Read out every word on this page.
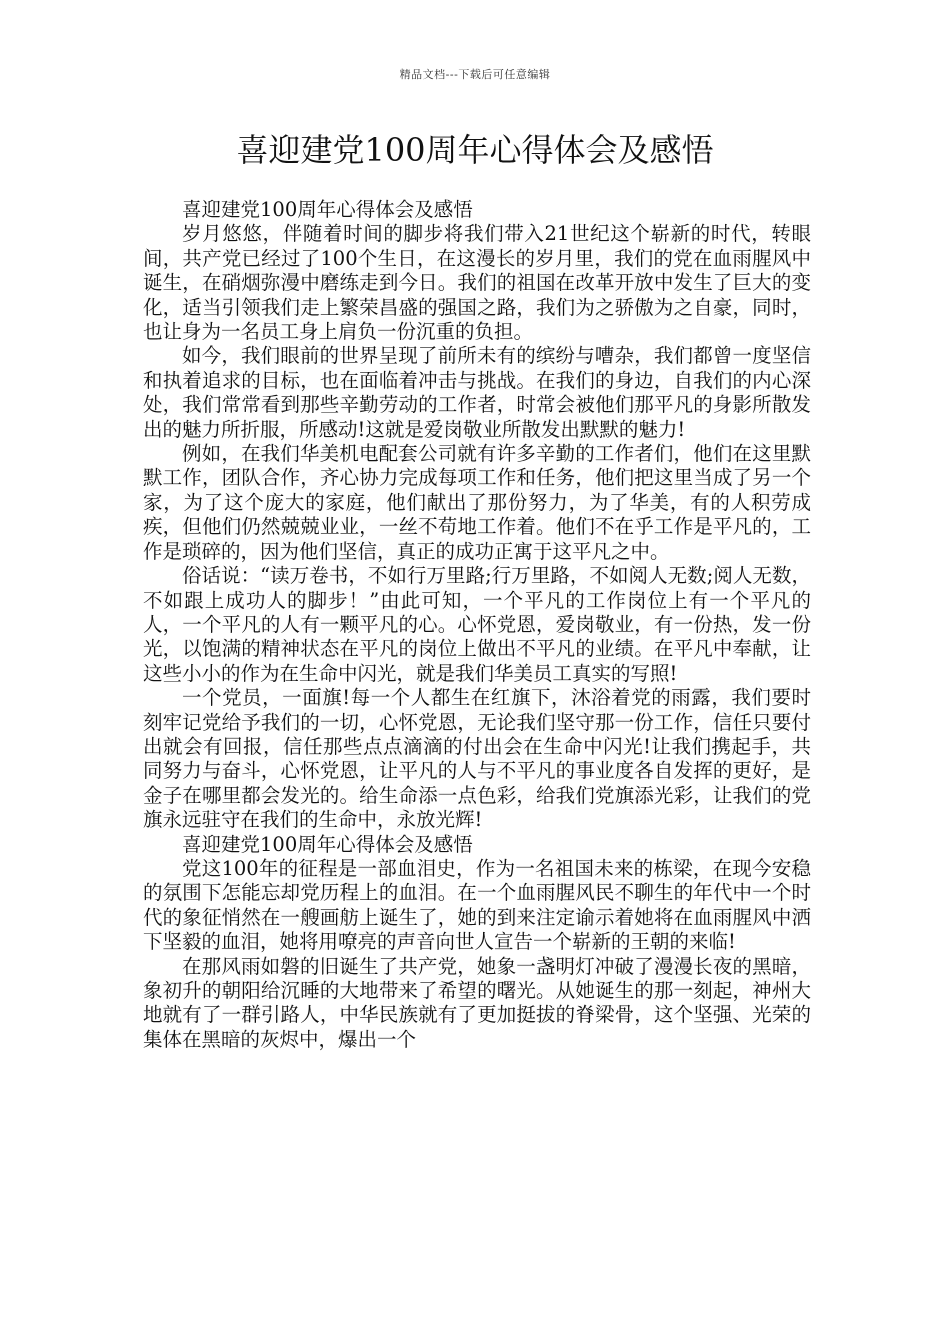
精品文档---下载后可任意编辑
喜迎建党100周年心得体会及感悟

喜迎建党100周年心得体会及感悟

岁月悠悠，伴随着时间的脚步将我们带入21世纪这个崭新的时代，转眼间，共产党已经过了100个生日，在这漫长的岁月里，我们的党在血雨腥风中诞生，在硝烟弥漫中磨练走到今日。我们的祖国在改革开放中发生了巨大的变化，适当引领我们走上繁荣昌盛的强国之路，我们为之骄傲为之自豪，同时，也让身为一名员工身上肩负一份沉重的负担。

如今，我们眼前的世界呈现了前所未有的缤纷与嘈杂，我们都曾一度坚信和执着追求的目标，也在面临着冲击与挑战。在我们的身边，自我们的内心深处，我们常常看到那些辛勤劳动的工作者，时常会被他们那平凡的身影所散发出的魅力所折服，所感动!这就是爱岗敬业所散发出默默的魅力!

例如，在我们华美机电配套公司就有许多辛勤的工作者们，他们在这里默默工作，团队合作，齐心协力完成每项工作和任务，他们把这里当成了另一个家，为了这个庞大的家庭，他们献出了那份努力，为了华美，有的人积劳成疾，但他们仍然兢兢业业，一丝不苟地工作着。他们不在乎工作是平凡的，工作是琐碎的，因为他们坚信，真正的成功正寓于这平凡之中。

俗话说：“读万卷书，不如行万里路;行万里路，不如阅人无数;阅人无数，不如跟上成功人的脚步！”由此可知，一个平凡的工作岗位上有一个平凡的人，一个平凡的人有一颗平凡的心。心怀党恩，爱岗敬业，有一份热，发一份光，以饱满的精神状态在平凡的岗位上做出不平凡的业绩。在平凡中奉献，让这些小小的作为在生命中闪光，就是我们华美员工真实的写照!

一个党员，一面旗!每一个人都生在红旗下，沐浴着党的雨露，我们要时刻牢记党给予我们的一切，心怀党恩，无论我们坚守那一份工作，信任只要付出就会有回报，信任那些点点滴滴的付出会在生命中闪光!让我们携起手，共同努力与奋斗，心怀党恩，让平凡的人与不平凡的事业度各自发挥的更好，是金子在哪里都会发光的。给生命添一点色彩，给我们党旗添光彩，让我们的党旗永远驻守在我们的生命中，永放光辉!

喜迎建党100周年心得体会及感悟

党这100年的征程是一部血泪史，作为一名祖国未来的栋梁，在现今安稳的氛围下怎能忘却党历程上的血泪。在一个血雨腥风民不聊生的年代中一个时代的象征悄然在一艘画舫上诞生了，她的到来注定谕示着她将在血雨腥风中洒下坚毅的血泪，她将用嘹亮的声音向世人宣告一个崭新的王朝的来临!

在那风雨如磐的旧诞生了共产党，她象一盏明灯冲破了漫漫长夜的黑暗，象初升的朝阳给沉睡的大地带来了希望的曙光。从她诞生的那一刻起，神州大地就有了一群引路人，中华民族就有了更加挺拔的脊梁骨，这个坚强、光荣的集体在黑暗的灰烬中，爆出一个
